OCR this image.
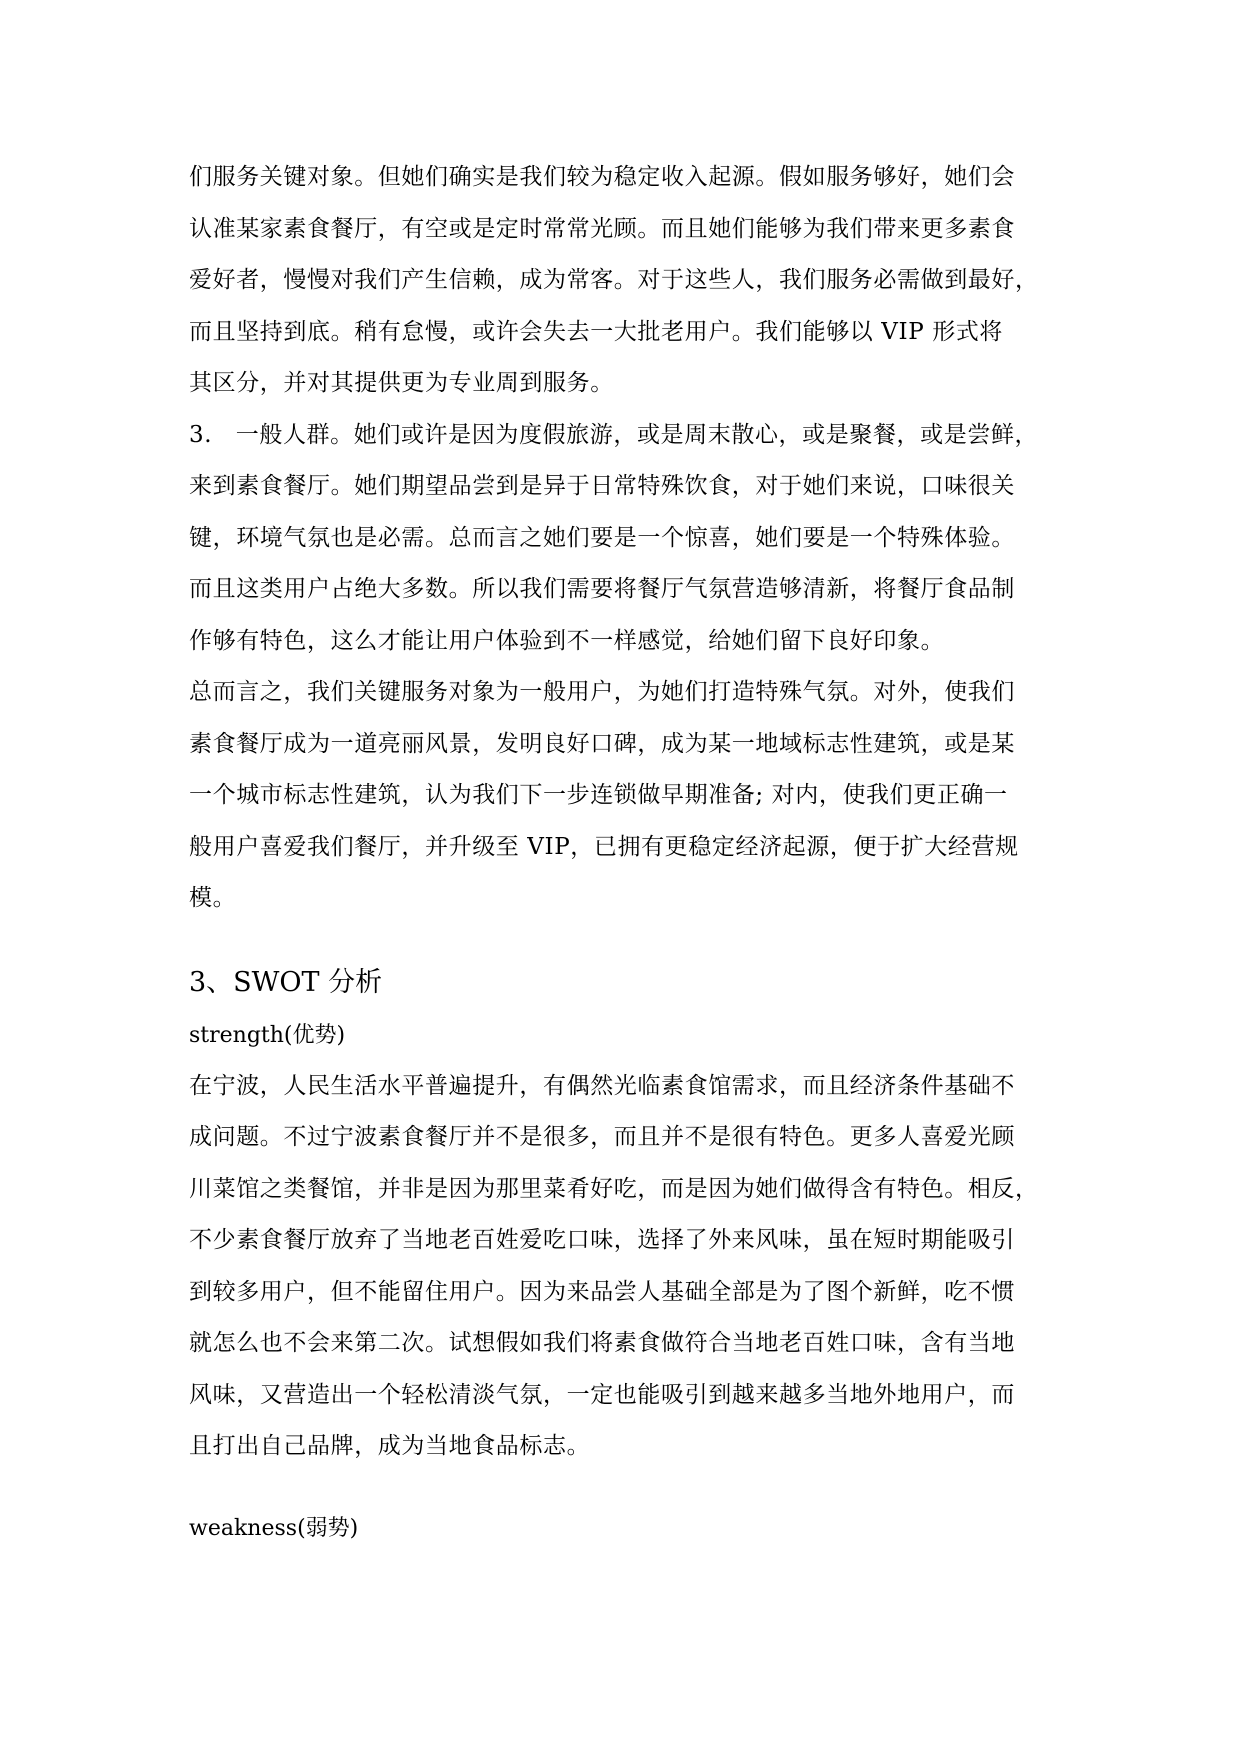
们服务关键对象。但她们确实是我们较为稳定收入起源。假如服务够好，她们会
认准某家素食餐厅，有空或是定时常常光顾。而且她们能够为我们带来更多素食
爱好者，慢慢对我们产生信赖，成为常客。对于这些人，我们服务必需做到最好，
而且坚持到底。稍有怠慢，或许会失去一大批老用户。我们能够以 VIP 形式将
其区分，并对其提供更为专业周到服务。
3.　一般人群。她们或许是因为度假旅游，或是周末散心，或是聚餐，或是尝鲜，
来到素食餐厅。她们期望品尝到是异于日常特殊饮食，对于她们来说，口味很关
键，环境气氛也是必需。总而言之她们要是一个惊喜，她们要是一个特殊体验。
而且这类用户占绝大多数。所以我们需要将餐厅气氛营造够清新，将餐厅食品制
作够有特色，这么才能让用户体验到不一样感觉，给她们留下良好印象。
总而言之，我们关键服务对象为一般用户，为她们打造特殊气氛。对外，使我们
素食餐厅成为一道亮丽风景，发明良好口碑，成为某一地域标志性建筑，或是某
一个城市标志性建筑，认为我们下一步连锁做早期准备; 对内，使我们更正确一
般用户喜爱我们餐厅，并升级至 VIP，已拥有更稳定经济起源，便于扩大经营规
模。
3、SWOT 分析
strength(优势)
在宁波，人民生活水平普遍提升，有偶然光临素食馆需求，而且经济条件基础不
成问题。不过宁波素食餐厅并不是很多，而且并不是很有特色。更多人喜爱光顾
川菜馆之类餐馆，并非是因为那里菜肴好吃，而是因为她们做得含有特色。相反，
不少素食餐厅放弃了当地老百姓爱吃口味，选择了外来风味，虽在短时期能吸引
到较多用户，但不能留住用户。因为来品尝人基础全部是为了图个新鲜，吃不惯
就怎么也不会来第二次。试想假如我们将素食做符合当地老百姓口味，含有当地
风味，又营造出一个轻松清淡气氛，一定也能吸引到越来越多当地外地用户，而
且打出自己品牌，成为当地食品标志。
weakness(弱势)
